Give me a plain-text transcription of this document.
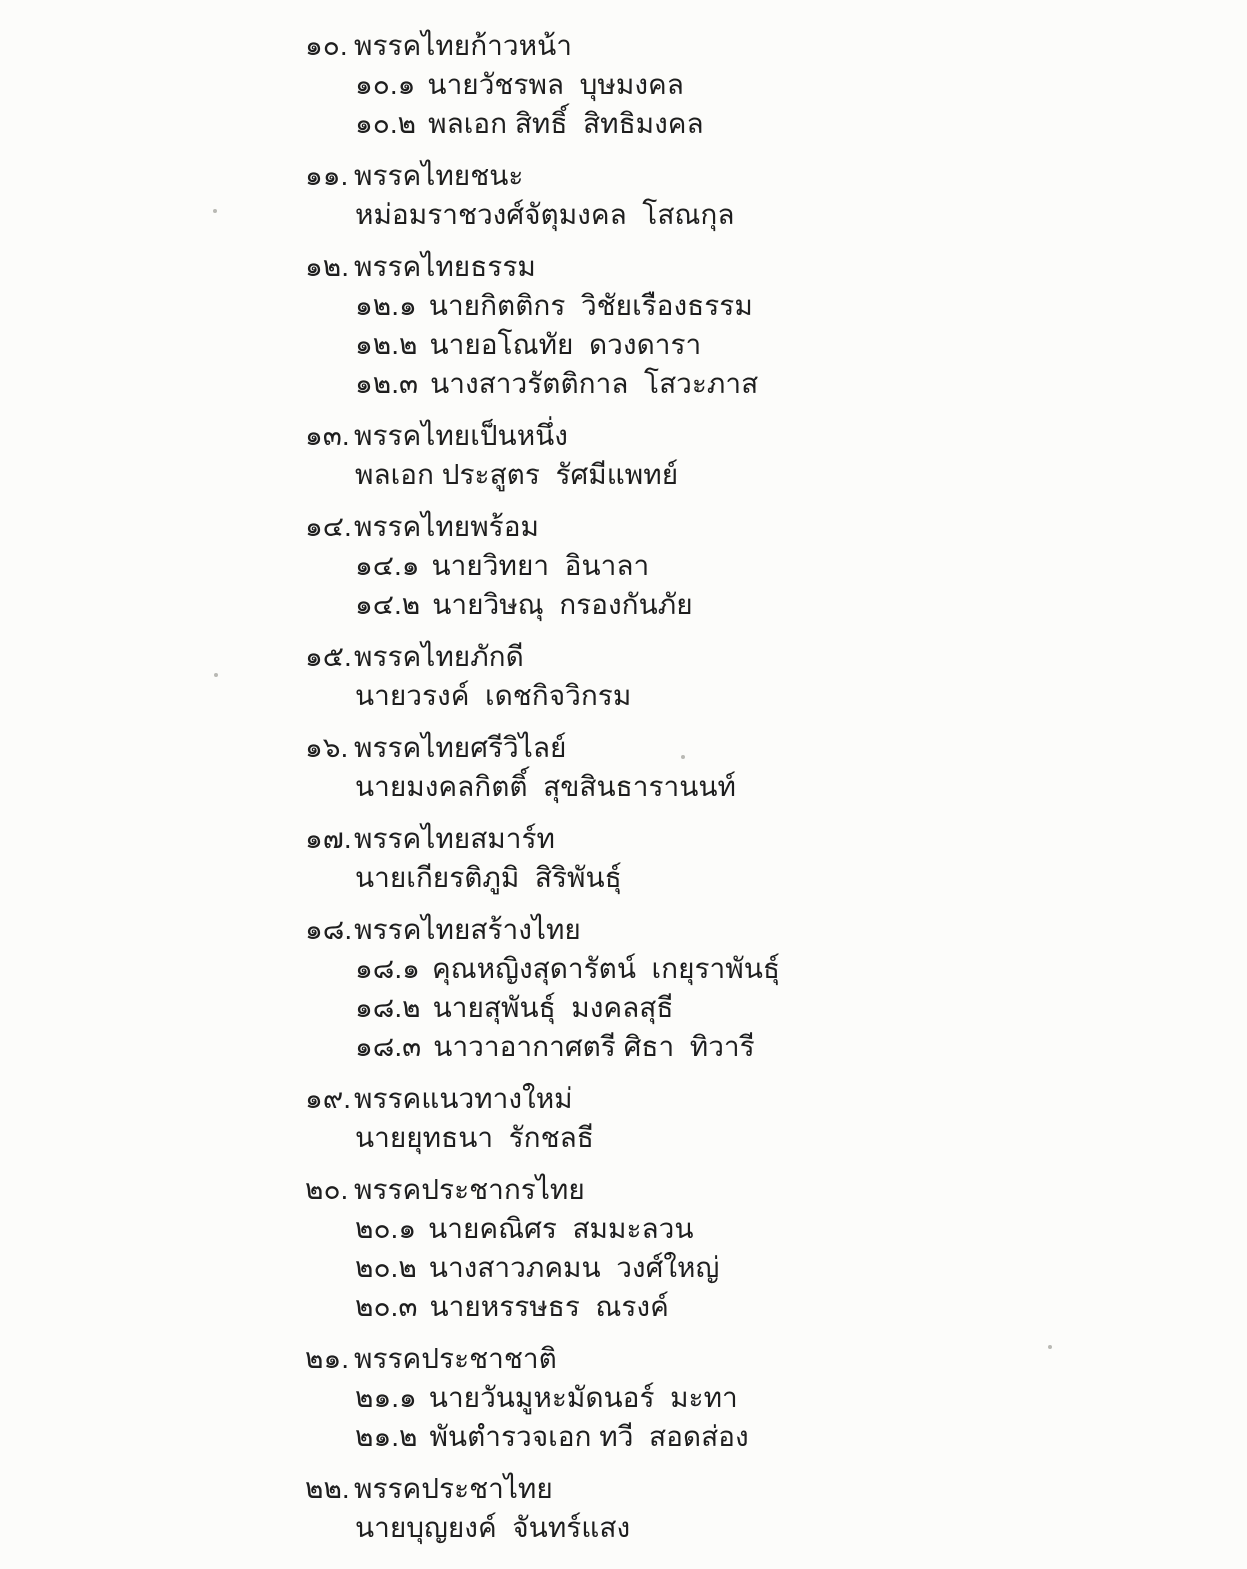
๑๐. พรรคไทยก้าวหน้า
๑๐.๑ นายวัชรพล  บุษมงคล
๑๐.๒ พลเอก สิทธิ์  สิทธิมงคล
๑๑. พรรคไทยชนะ
หม่อมราชวงศ์จัตุมงคล  โสณกุล
๑๒. พรรคไทยธรรม
๑๒.๑ นายกิตติกร  วิชัยเรืองธรรม
๑๒.๒ นายอโณทัย  ดวงดารา
๑๒.๓ นางสาวรัตติกาล  โสวะภาส
๑๓. พรรคไทยเป็นหนึ่ง
พลเอก ประสูตร  รัศมีแพทย์
๑๔. พรรคไทยพร้อม
๑๔.๑ นายวิทยา  อินาลา
๑๔.๒ นายวิษณุ  กรองกันภัย
๑๕. พรรคไทยภักดี
นายวรงค์  เดชกิจวิกรม
๑๖. พรรคไทยศรีวิไลย์
นายมงคลกิตติ์  สุขสินธารานนท์
๑๗. พรรคไทยสมาร์ท
นายเกียรติภูมิ  สิริพันธุ์
๑๘. พรรคไทยสร้างไทย
๑๘.๑ คุณหญิงสุดารัตน์  เกยุราพันธุ์
๑๘.๒ นายสุพันธุ์  มงคลสุธี
๑๘.๓ นาวาอากาศตรี ศิธา  ทิวารี
๑๙. พรรคแนวทางใหม่
นายยุทธนา  รักชลธี
๒๐. พรรคประชากรไทย
๒๐.๑ นายคณิศร  สมมะลวน
๒๐.๒ นางสาวภคมน  วงศ์ใหญ่
๒๐.๓ นายหรรษธร  ณรงค์
๒๑. พรรคประชาชาติ
๒๑.๑ นายวันมูหะมัดนอร์  มะทา
๒๑.๒ พันตำรวจเอก ทวี  สอดส่อง
๒๒. พรรคประชาไทย
นายบุญยงค์  จันทร์แสง
